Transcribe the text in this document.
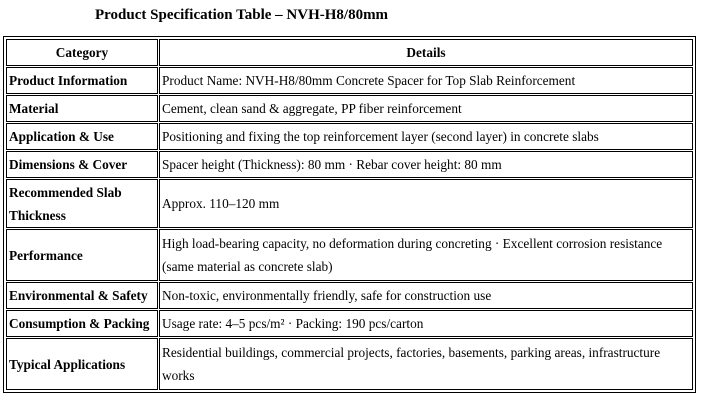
Product Specification Table – NVH-H8/80mm
Category	Details
Product Information	Product Name: NVH-H8/80mm Concrete Spacer for Top Slab Reinforcement
Material	Cement, clean sand & aggregate, PP fiber reinforcement
Application & Use	Positioning and fixing the top reinforcement layer (second layer) in concrete slabs
Dimensions & Cover	Spacer height (Thickness): 80 mm · Rebar cover height: 80 mm
Recommended Slab Thickness	Approx. 110–120 mm
Performance	High load-bearing capacity, no deformation during concreting · Excellent corrosion resistance (same material as concrete slab)
Environmental & Safety	Non-toxic, environmentally friendly, safe for construction use
Consumption & Packing	Usage rate: 4–5 pcs/m² · Packing: 190 pcs/carton
Typical Applications	Residential buildings, commercial projects, factories, basements, parking areas, infrastructure works
